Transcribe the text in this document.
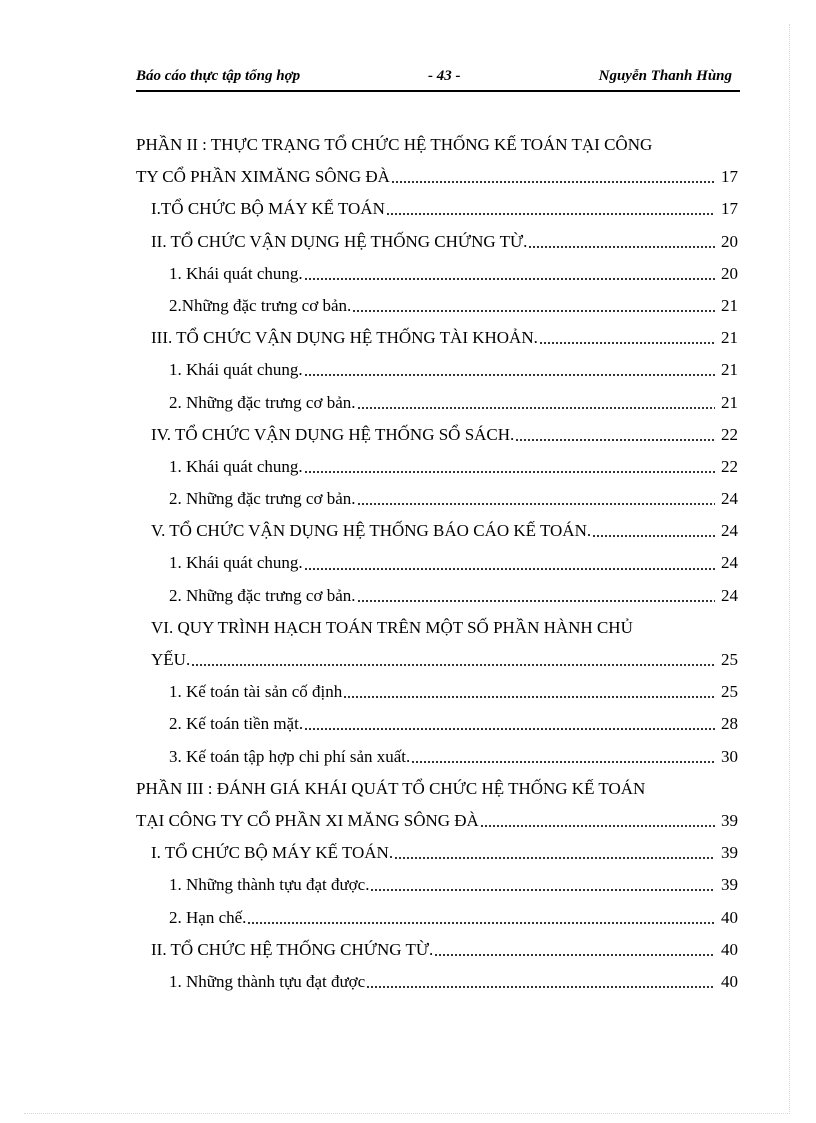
Báo cáo thực tập tổng hợp	- 43 -	Nguyễn Thanh Hùng
PHẦN II : THỰC TRẠNG TỔ CHỨC HỆ THỐNG KẾ TOÁN TẠI CÔNG
TY CỔ PHẦN XIMĂNG SÔNG ĐÀ	17
I.TỔ CHỨC BỘ MÁY KẾ TOÁN	17
II. TỔ CHỨC VẬN DỤNG HỆ THỐNG CHỨNG TỪ.	20
1. Khái quát chung.	20
2.Những đặc trưng cơ bản.	21
III. TỔ CHỨC VẬN DỤNG HỆ THỐNG TÀI KHOẢN.	21
1. Khái quát chung.	21
2. Những đặc trưng cơ bản.	21
IV. TỔ CHỨC VẬN DỤNG HỆ THỐNG SỔ SÁCH.	22
1. Khái quát chung.	22
2. Những đặc trưng cơ bản.	24
V. TỔ CHỨC VẬN DỤNG HỆ THỐNG BÁO CÁO KẾ TOÁN.	24
1. Khái quát chung.	24
2. Những đặc trưng cơ bản.	24
VI. QUY TRÌNH HẠCH TOÁN TRÊN MỘT SỐ PHẦN HÀNH CHỦ
YẾU.	25
1. Kế toán tài sản cố định	25
2. Kế toán tiền mặt.	28
3. Kế toán tập hợp chi phí sản xuất.	30
PHẦN III : ĐÁNH GIÁ KHÁI QUÁT TỔ CHỨC HỆ THỐNG KẾ TOÁN
TẠI CÔNG TY CỔ PHẦN XI MĂNG SÔNG ĐÀ	39
I. TỔ CHỨC BỘ MÁY KẾ TOÁN.	39
1. Những thành tựu đạt được.	39
2. Hạn chế.	40
II. TỔ CHỨC HỆ THỐNG CHỨNG TỪ.	40
1. Những thành tựu đạt được	40
